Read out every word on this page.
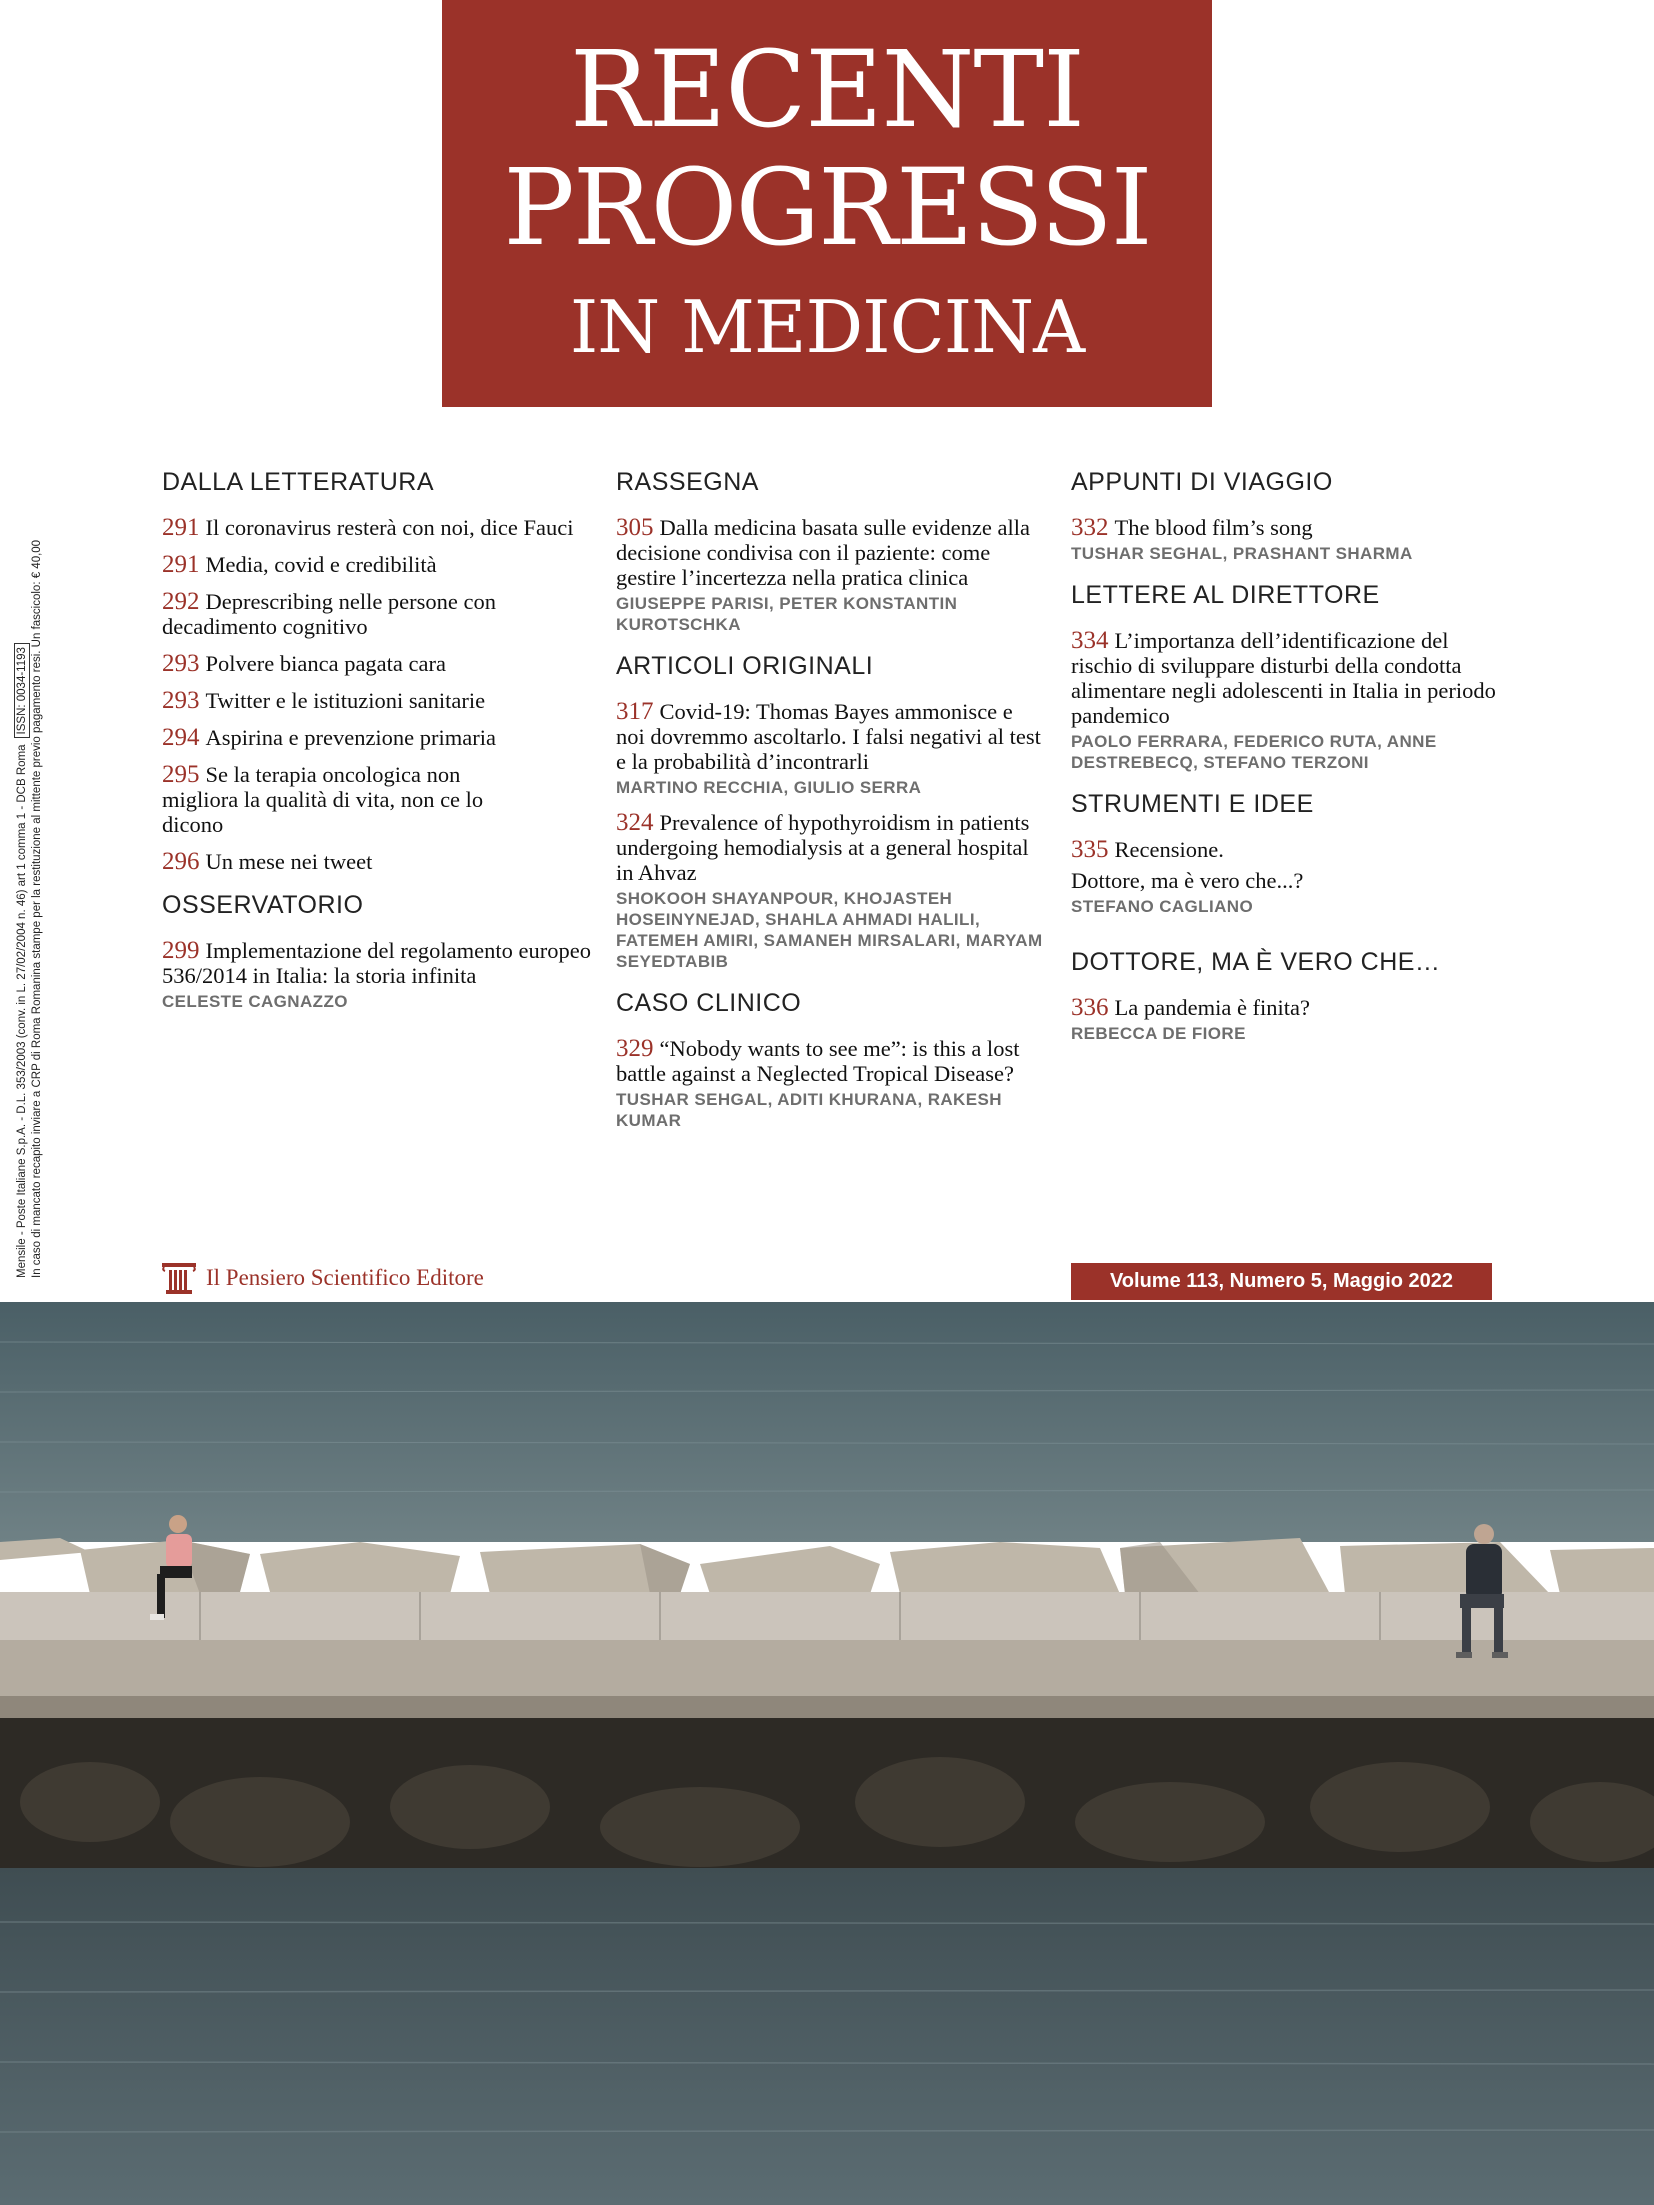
RECENTI
PROGRESSI
IN MEDICINA
Mensile - Poste Italiane S.p.A. - D.L. 353/2003 (conv. in L. 27/02/2004 n. 46) art 1 comma 1 - DCB RomaISSN: 0034-1193 In caso di mancato recapito inviare a CRP di Roma Romanina stampe per la restituzione al mittente previo pagamento resi. Un fascicolo: € 40,00
DALLA LETTERATURA
291 Il coronavirus resterà con noi, dice Fauci
291 Media, covid e credibilità
292 Deprescribing nelle persone con decadimento cognitivo
293 Polvere bianca pagata cara
293 Twitter e le istituzioni sanitarie
294 Aspirina e prevenzione primaria
295 Se la terapia oncologica non migliora la qualità di vita, non ce lo dicono
296 Un mese nei tweet
OSSERVATORIO
299 Implementazione del regolamento europeo 536/2014 in Italia: la storia infinita
CELESTE CAGNAZZO
RASSEGNA
305 Dalla medicina basata sulle evidenze alla decisione condivisa con il paziente: come gestire l’incertezza nella pratica clinica
GIUSEPPE PARISI, PETER KONSTANTIN KUROTSCHKA
ARTICOLI ORIGINALI
317 Covid-19: Thomas Bayes ammonisce e noi dovremmo ascoltarlo. I falsi negativi al test e la probabilità d’incontrarli
MARTINO RECCHIA, GIULIO SERRA
324 Prevalence of hypothyroidism in patients undergoing hemodialysis at a general hospital in Ahvaz
SHOKOOH SHAYANPOUR, KHOJASTEH HOSEINYNEJAD, SHAHLA AHMADI HALILI, FATEMEH AMIRI, SAMANEH MIRSALARI, MARYAM SEYEDTABIB
CASO CLINICO
329 “Nobody wants to see me”: is this a lost battle against a Neglected Tropical Disease?
TUSHAR SEHGAL, ADITI KHURANA, RAKESH KUMAR
APPUNTI DI VIAGGIO
332 The blood film’s song
TUSHAR SEGHAL, PRASHANT SHARMA
LETTERE AL DIRETTORE
334 L’importanza dell’identificazione del rischio di sviluppare disturbi della condotta alimentare negli adolescenti in Italia in periodo pandemico
PAOLO FERRARA, FEDERICO RUTA, ANNE DESTREBECQ, STEFANO TERZONI
STRUMENTI E IDEE
335 Recensione.
Dottore, ma è vero che...?
STEFANO CAGLIANO
DOTTORE, MA È VERO CHE…
336 La pandemia è finita?
REBECCA DE FIORE
Il Pensiero Scientifico Editore	Volume 113, Numero 5, Maggio 2022
